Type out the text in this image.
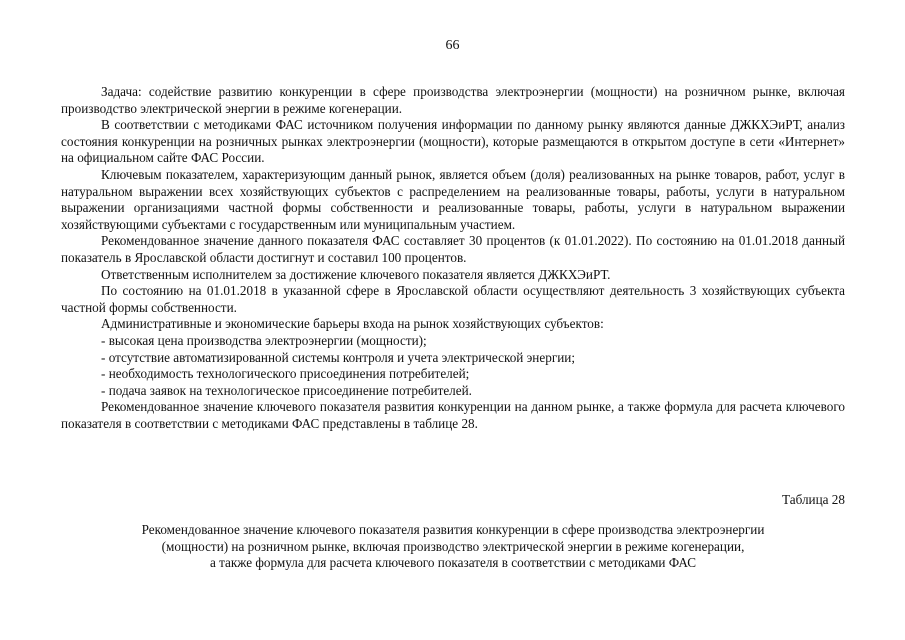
66

Задача: содействие развитию конкуренции в сфере производства электроэнергии (мощности) на розничном рынке, включая производство электрической энергии в режиме когенерации.

В соответствии с методиками ФАС источником получения информации по данному рынку являются данные ДЖКХЭиРТ, анализ состояния конкуренции на розничных рынках электроэнергии (мощности), которые размещаются в открытом доступе в сети «Интернет» на официальном сайте ФАС России.

Ключевым показателем, характеризующим данный рынок, является объем (доля) реализованных на рынке товаров, работ, услуг в натуральном выражении всех хозяйствующих субъектов с распределением на реализованные товары, работы, услуги в натуральном выражении организациями частной формы собственности и реализованные товары, работы, услуги в натуральном выражении хозяйствующими субъектами с государственным или муниципальным участием.

Рекомендованное значение данного показателя ФАС составляет 30 процентов (к 01.01.2022). По состоянию на 01.01.2018 данный показатель в Ярославской области достигнут и составил 100 процентов.

Ответственным исполнителем за достижение ключевого показателя является ДЖКХЭиРТ.

По состоянию на 01.01.2018 в указанной сфере в Ярославской области осуществляют деятельность 3 хозяйствующих субъекта частной формы собственности.

Административные и экономические барьеры входа на рынок хозяйствующих субъектов:

- высокая цена производства электроэнергии (мощности);

- отсутствие автоматизированной системы контроля и учета электрической энергии;

- необходимость технологического присоединения потребителей;

- подача заявок на технологическое присоединение потребителей.

Рекомендованное значение ключевого показателя развития конкуренции на данном рынке, а также формула для расчета ключевого показателя в соответствии с методиками ФАС представлены в таблице 28.

Таблица 28
Рекомендованное значение ключевого показателя развития конкуренции в сфере производства электроэнергии
(мощности) на розничном рынке, включая производство электрической энергии в режиме когенерации,
а также формула для расчета ключевого показателя в соответствии с методиками ФАС
